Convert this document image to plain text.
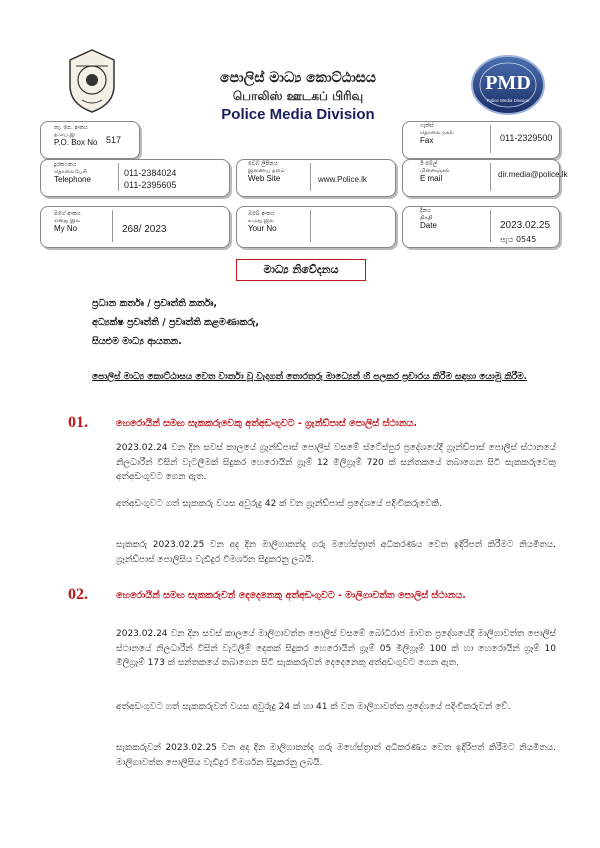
පොලිස් මාධ්‍ය කොට්ඨාසය
பொலிஸ் ஊடகப் பிரிவு
Police Media Division
PMD
Police Media Division
තැ. පෙ. අංකය
த.பெ.இ
P.O. Box No 517
ෆැක්ස්
தொலை நகல்
Fax	011-2329500
දුරකථනය
தொலைபேசி
Telephone
011-2384024
011-2395605
වෙබ් ලිපිනය
இணைய தளம்
Web Site	www.Police.lk
ඊ මේල්
மின்னஞ்சல்
E mail	dir.media@police.lk
මගේ අංකය
எனது இல
My No	268/ 2023
ඔබේ අංකය
உமது இல
Your No
දිනය
திகதி
Date	2023.02.25
පැය 0545
මාධ්‍ය නිවේදනය
ප්‍රධාන කර්තෘ / ප්‍රවෘත්ති කර්තෘ,
අධ්‍යක්ෂ ප්‍රවෘත්ති / ප්‍රවෘත්ති කළමණාකරු,
සියළුම මාධ්‍ය ආයතන.
පොලිස් මාධ්‍ය කොට්ඨාසය වෙත වාර්තා වූ වැදගත් තොරතුරු මාධ්‍යෙන් හි පලකර ප්‍රචාරය කිරීම සඳහා යොමු කිරීම.
01.	හෙරොයින් සමඟ සැකකරුවෙකු අත්අඩංගුවට - ග්‍රෑන්ඩ්පාස් පොලිස් ස්ථානය.
2023.02.24 වන දින සවස් කාලයේ ග්‍රෑන්ඩ්පාස් පොලිස් වසමේ ස්ටේස්පුර ප්‍රදේශයේදී ග්‍රෑන්ඩ්පාස් පොලිස් ස්ථානයේ නිලධාරීන් විසින් වැටලීමක් සිදුකර හෙරොයින් ග්‍රෑම් 12 මිලිග්‍රෑම් 720 ක් සන්තකයේ තබාගෙන සිටි සැකකරුවෙකු අත්අඩංගුවට ගෙන ඇත.
අත්අඩංගුවට ගත් සැකකරු වයස අවුරුදු 42 ක් වන ග්‍රෑන්ඩ්පාස් ප්‍රදේශයේ පදිංචිකරුවෙකි.
සැකකරු 2023.02.25 වන අද දින මාලිගාකන්ද ගරු මහේස්ත්‍රාත් අධිකරණය වෙත ඉදිරිපත් කිරීමට නියමිතය. ග්‍රෑන්ඩ්පාස් පොලිසිය වැඩිදුර විමර්ශන සිදුකරනු ලබයි.
02.	හෙරොයින් සමඟ සැකකරුවන් දෙදෙනෙකු අත්අඩංගුවට - මාලිගාවත්ත පොලිස් ස්ථානය.
2023.02.24 වන දින සවස් කාලයේ මාලිගාවත්ත පොලිස් වසමේ බෝධිරාජ මාවත ප්‍රදේශයේදී මාලිගාවත්ත පොලිස් ස්ථානයේ නිලධාරීන් විසින් වැටලීම් දෙකක් සිදුකර හෙරොයින් ග්‍රෑම් 05 මිලිග්‍රෑම් 100 ක් හා හෙරොයින් ග්‍රෑම් 10 මිලිග්‍රෑම් 173 ක් සන්තකයේ තබාගෙන සිටි සැකකරුවන් දෙදෙනෙකු අත්අඩංගුවට ගෙන ඇත.
අත්අඩංගුවට ගත් සැකකරුවන් වයස අවුරුදු 24 ක් හා 41 ක් වන මාලිගාවත්ත ප්‍රදේශයේ පදිංචිකරුවන් වේ.
සැකකරුවන් 2023.02.25 වන අද දින මාලිගාකන්ද ගරු මහේස්ත්‍රාත් අධිකරණය වෙත ඉදිරිපත් කිරීමට නියමිතය. මාලිගාවත්ත පොලිසිය වැඩිදුර විමර්ශන සිදුකරනු ලබයි.
